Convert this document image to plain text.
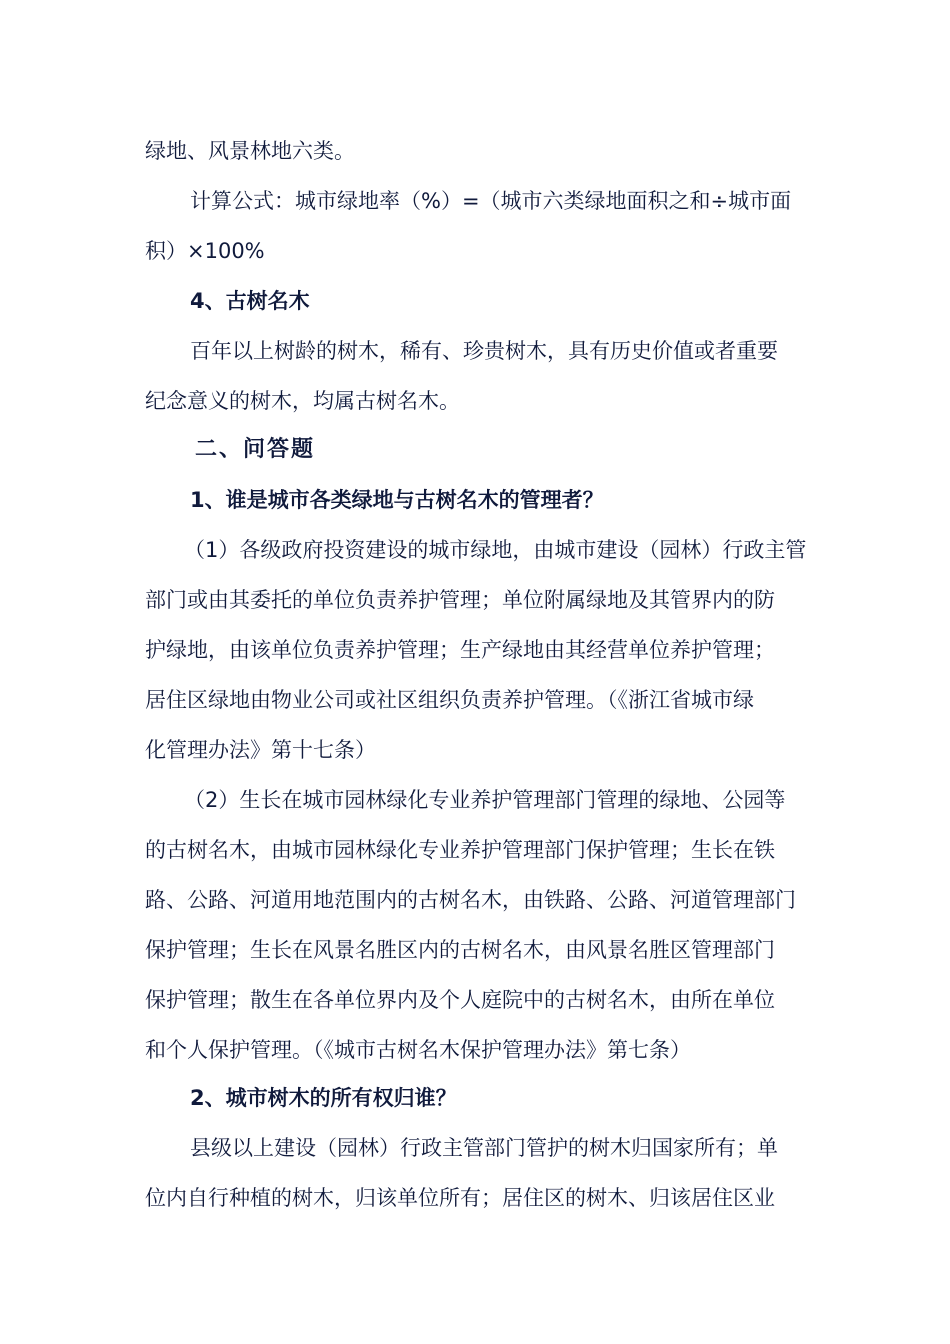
绿地、风景林地六类。
计算公式：城市绿地率（%）=（城市六类绿地面积之和÷城市面
积）×100%
4、古树名木
百年以上树龄的树木，稀有、珍贵树木，具有历史价值或者重要
纪念意义的树木，均属古树名木。
二、问答题
1、谁是城市各类绿地与古树名木的管理者？
（1）各级政府投资建设的城市绿地，由城市建设（园林）行政主管
部门或由其委托的单位负责养护管理；单位附属绿地及其管界内的防
护绿地，由该单位负责养护管理；生产绿地由其经营单位养护管理；
居住区绿地由物业公司或社区组织负责养护管理。（《浙江省城市绿
化管理办法》第十七条）
（2）生长在城市园林绿化专业养护管理部门管理的绿地、公园等
的古树名木，由城市园林绿化专业养护管理部门保护管理；生长在铁
路、公路、河道用地范围内的古树名木，由铁路、公路、河道管理部门
保护管理；生长在风景名胜区内的古树名木，由风景名胜区管理部门
保护管理；散生在各单位界内及个人庭院中的古树名木，由所在单位
和个人保护管理。（《城市古树名木保护管理办法》第七条）
2、城市树木的所有权归谁？
县级以上建设（园林）行政主管部门管护的树木归国家所有；单
位内自行种植的树木，归该单位所有；居住区的树木、归该居住区业
